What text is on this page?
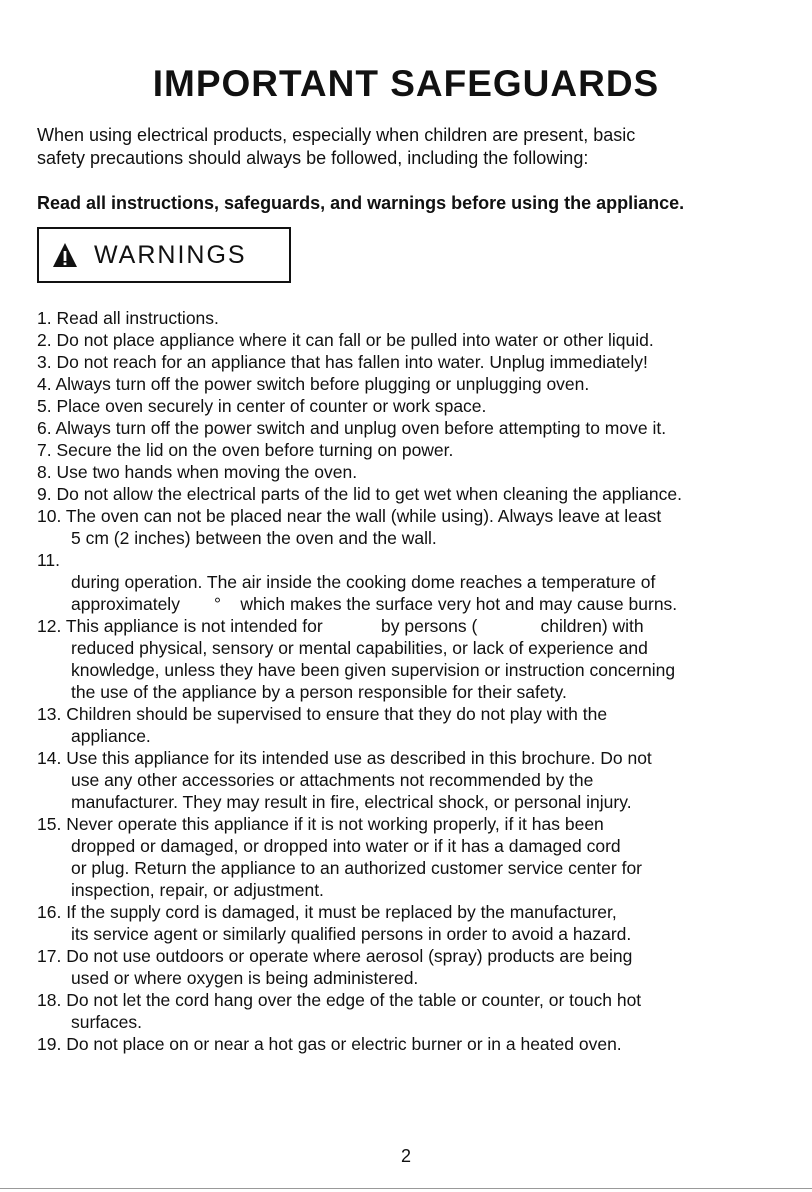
IMPORTANT SAFEGUARDS
When using electrical products, especially when children are present, basic
safety precautions should always be followed, including the following:
Read all instructions, safeguards, and warnings before using the appliance.
WARNINGS
1. Read all instructions.
2. Do not place appliance where it can fall or be pulled into water or other liquid.
3. Do not reach for an appliance that has fallen into water. Unplug immediately!
4. Always turn off the power switch before plugging or unplugging oven.
5. Place oven securely in center of counter or work space.
6. Always turn off the power switch and unplug oven before attempting to move it.
7. Secure the lid on the oven before turning on power.
8. Use two hands when moving the oven.
9. Do not allow the electrical parts of the lid to get wet when cleaning the appliance.
10. The oven can not be placed near the wall (while using). Always leave at least
5 cm (2 inches) between the oven and the wall.
11.
during operation. The air inside the cooking dome reaches a temperature of
approximately       °    which makes the surface very hot and may cause burns.
12. This appliance is not intended for            by persons (             children) with
reduced physical, sensory or mental capabilities, or lack of experience and
knowledge, unless they have been given supervision or instruction concerning
the use of the appliance by a person responsible for their safety.
13. Children should be supervised to ensure that they do not play with the
appliance.
14. Use this appliance for its intended use as described in this brochure. Do not
use any other accessories or attachments not recommended by the
manufacturer. They may result in fire, electrical shock, or personal injury.
15. Never operate this appliance if it is not working properly, if it has been
dropped or damaged, or dropped into water or if it has a damaged cord
or plug. Return the appliance to an authorized customer service center for
inspection, repair, or adjustment.
16. If the supply cord is damaged, it must be replaced by the manufacturer,
its service agent or similarly qualified persons in order to avoid a hazard.
17. Do not use outdoors or operate where aerosol (spray) products are being
used or where oxygen is being administered.
18. Do not let the cord hang over the edge of the table or counter, or touch hot
surfaces.
19. Do not place on or near a hot gas or electric burner or in a heated oven.
2
